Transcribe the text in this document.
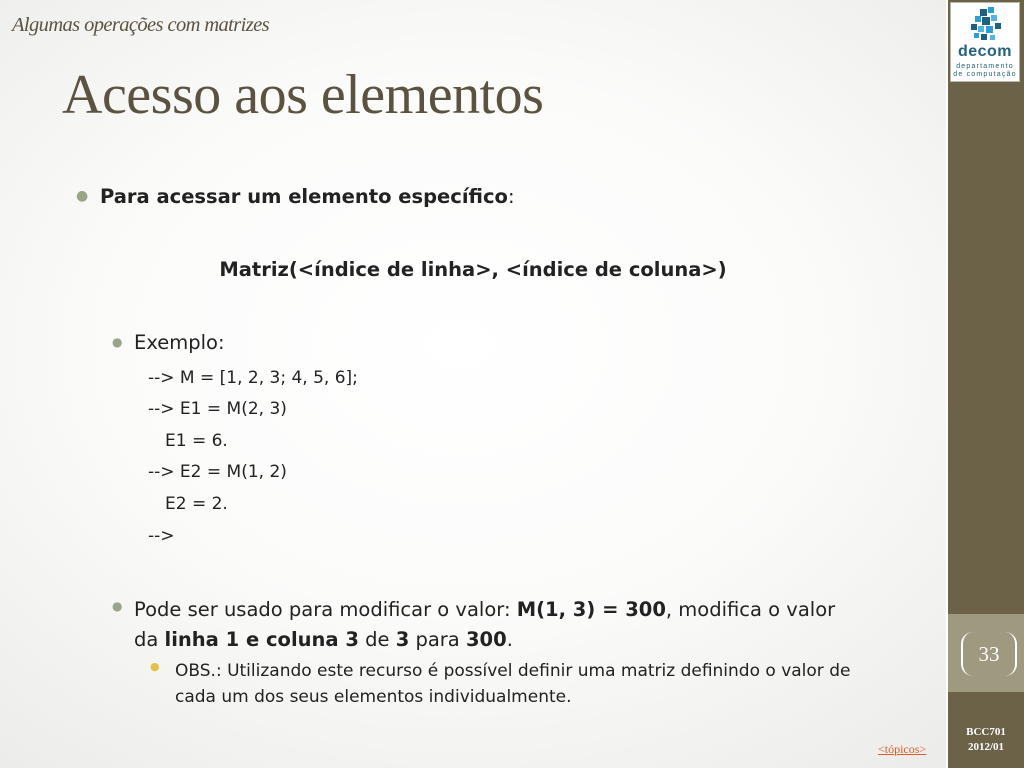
decom
departamento
de computação
33
BCC701
2012/01
Algumas operações com matrizes
Acesso aos elementos
● Para acessar um elemento específico:
Matriz(<índice de linha>, <índice de coluna>)
● Exemplo:
--> M = [1, 2, 3; 4, 5, 6];
--> E1 = M(2, 3)
E1 = 6.
--> E2 = M(1, 2)
E2 = 2.
-->
● Pode ser usado para modificar o valor: M(1, 3) = 300, modifica o valor da linha 1 e coluna 3 de 3 para 300.
● OBS.: Utilizando este recurso é possível definir uma matriz definindo o valor de cada um dos seus elementos individualmente.
<tópicos>
